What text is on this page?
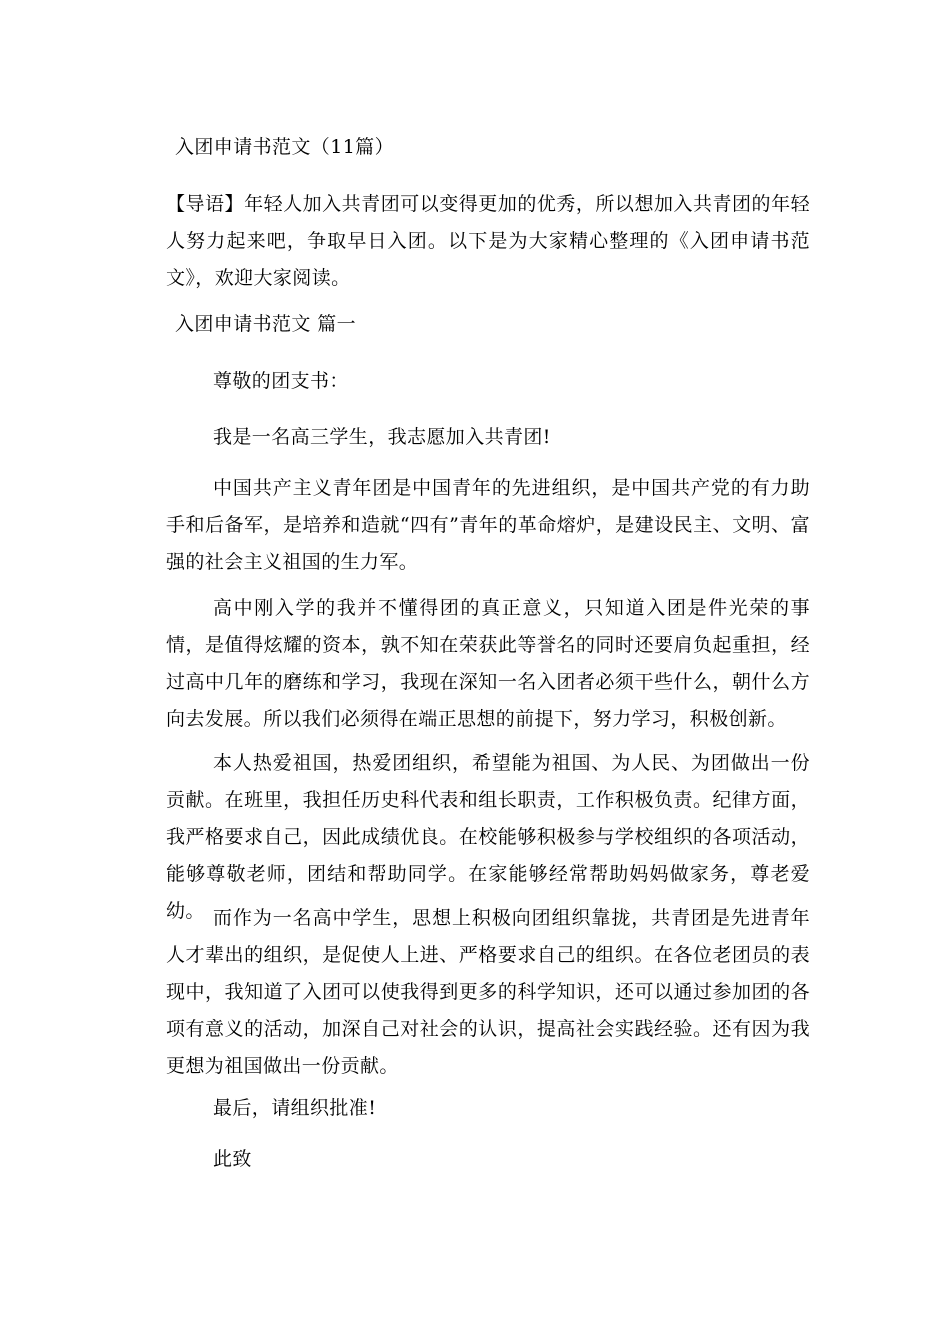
入团申请书范文（11篇）

【导语】年轻人加入共青团可以变得更加的优秀，所以想加入共青团的年轻人努力起来吧，争取早日入团。以下是为大家精心整理的《入团申请书范文》，欢迎大家阅读。

入团申请书范文 篇一

尊敬的团支书：

我是一名高三学生，我志愿加入共青团!

中国共产主义青年团是中国青年的先进组织，是中国共产党的有力助手和后备军，是培养和造就“四有”青年的革命熔炉，是建设民主、文明、富强的社会主义祖国的生力军。

高中刚入学的我并不懂得团的真正意义，只知道入团是件光荣的事情，是值得炫耀的资本，孰不知在荣获此等誉名的同时还要肩负起重担，经过高中几年的磨练和学习，我现在深知一名入团者必须干些什么，朝什么方向去发展。所以我们必须得在端正思想的前提下，努力学习，积极创新。

本人热爱祖国，热爱团组织，希望能为祖国、为人民、为团做出一份贡献。在班里，我担任历史科代表和组长职责，工作积极负责。纪律方面，我严格要求自己，因此成绩优良。在校能够积极参与学校组织的各项活动，能够尊敬老师，团结和帮助同学。在家能够经常帮助妈妈做家务，尊老爱幼。 而作为一名高中学生，思想上积极向团组织靠拢，共青团是先进青年人才辈出的组织，是促使人上进、严格要求自己的组织。在各位老团员的表现中，我知道了入团可以使我得到更多的科学知识，还可以通过参加团的各项有意义的活动，加深自己对社会的认识，提高社会实践经验。还有因为我更想为祖国做出一份贡献。

最后，请组织批准!

此致
